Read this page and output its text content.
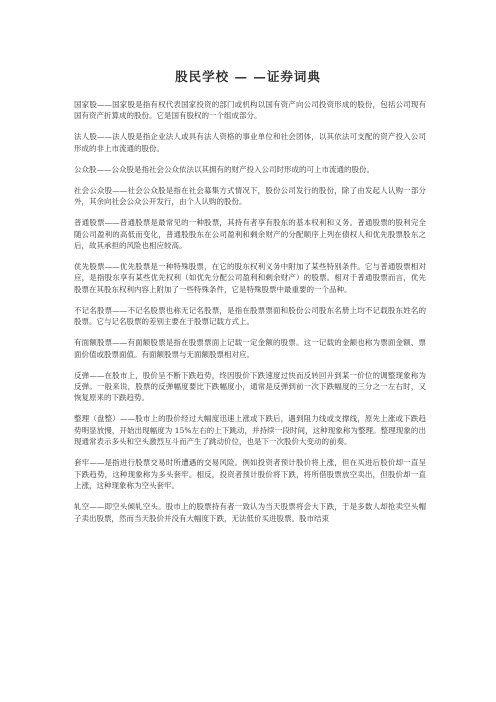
股民学校 — —证券词典

国家股——国家股是指有权代表国家投资的部门或机构以国有资产向公司投资形成的股份，包括公司现有国有资产折算成的股份。它是国有股权的一个组成部分。

法人股——法人股是指企业法人或具有法人资格的事业单位和社会团体，以其依法可支配的资产投入公司形成的非上市流通的股份。

公众股——公众股是指社会公众依法以其拥有的财产投入公司时形成的可上市流通的股份。

社会公众股——社会公众股是指在社会募集方式情况下，股份公司发行的股份，除了由发起人认购一部分外，其余向社会公众公开发行，由个人认购的股份。

普通股票——普通股票是最常见的一种股票，其持有者享有股东的基本权利和义务。普通股票的股利完全随公司盈利的高低而变化，普通股股东在公司盈利和剩余财产的分配顺序上列在债权人和优先股票股东之后，故其承担的风险也相应较高。

优先股票——优先股票是一种特殊股票，在它的股东权利义务中附加了某些特别条件。它与普通股票相对应，是指股东享有某些优先权利（如优先分配公司盈利和剩余财产）的股票。相对于普通股票而言，优先股票在其股东权利内容上附加了一些特殊条件，它是特殊股票中最重要的一个品种。

不记名股票——不记名股票也称无记名股票，是指在股票票面和股份公司股东名册上均不记载股东姓名的股票。它与记名股票的差别主要在于股票记载方式上。

有面额股票——有面额股票是指在股票票面上记载一定金额的股票。这一记载的金额也称为票面金额、票面价值或股票面值。有面额股票与无面额股票相对应。

反弹——在股市上，股价呈不断下跌趋势，终因股价下跌速度过快而反转回升到某一价位的调整现象称为反弹。一般来说，股票的反弹幅度要比下跌幅度小，通常是反弹到前一次下跌幅度的三分之一左右时，又恢复原来的下跌趋势。

整理（盘整）——股市上的股价经过大幅度迅速上涨或下跌后，遇到阻力线或支撑线，原先上涨或下跌趋势明显放慢，开始出现幅度为 15%左右的上下跳动，并持续一段时间，这种现象称为整理。整理现象的出现通常表示多头和空头激烈互斗而产生了跳动价位，也是下一次股价大变动的前奏。

套牢——是指进行股票交易时所遭遇的交易风险。例如投资者预计股价将上涨，但在买进后股价却一直呈下跌趋势，这种现象称为多头套牢。相反，投资者预计股价将下跌，将所借股票放空卖出，但股价却一直上涨，这种现象称为空头套牢。

轧空——即空头倾轧空头。股市上的股票持有者一致认为当天股票将会大下跌，于是多数人却抢卖空头帽子卖出股票，然而当天股价并没有大幅度下跌，无法低价买进股票。股市结束
